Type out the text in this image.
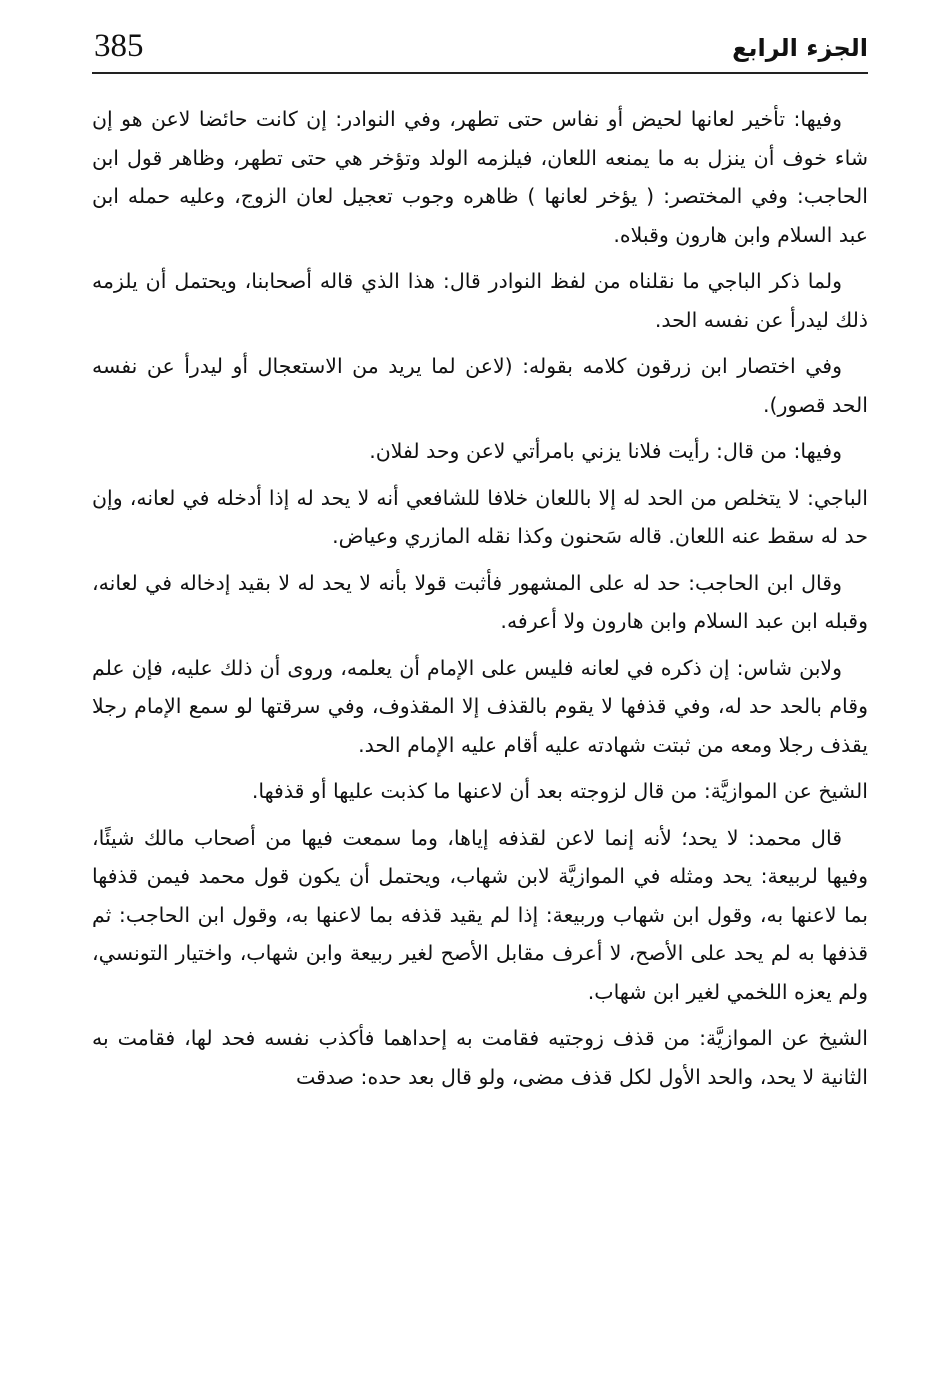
385	الجزء الرابع

وفيها: تأخير لعانها لحيض أو نفاس حتى تطهر، وفي النوادر: إن كانت حائضا لاعن هو إن شاء خوف أن ينزل به ما يمنعه اللعان، فيلزمه الولد وتؤخر هي حتى تطهر، وظاهر قول ابن الحاجب: وفي المختصر: ( يؤخر لعانها ) ظاهره وجوب تعجيل لعان الزوج، وعليه حمله ابن عبد السلام وابن هارون وقبلاه.

ولما ذكر الباجي ما نقلناه من لفظ النوادر قال: هذا الذي قاله أصحابنا، ويحتمل أن يلزمه ذلك ليدرأ عن نفسه الحد.

وفي اختصار ابن زرقون كلامه بقوله: (لاعن لما يريد من الاستعجال أو ليدرأ عن نفسه الحد قصور).

وفيها: من قال: رأيت فلانا يزني بامرأتي لاعن وحد لفلان.

الباجي: لا يتخلص من الحد له إلا باللعان خلافا للشافعي أنه لا يحد له إذا أدخله في لعانه، وإن حد له سقط عنه اللعان. قاله سَحنون وكذا نقله المازري وعياض.

وقال ابن الحاجب: حد له على المشهور فأثبت قولا بأنه لا يحد له لا بقيد إدخاله في لعانه، وقبله ابن عبد السلام وابن هارون ولا أعرفه.

ولابن شاس: إن ذكره في لعانه فليس على الإمام أن يعلمه، وروى أن ذلك عليه، فإن علم وقام بالحد حد له، وفي قذفها لا يقوم بالقذف إلا المقذوف، وفي سرقتها لو سمع الإمام رجلا يقذف رجلا ومعه من ثبتت شهادته عليه أقام عليه الإمام الحد.

الشيخ عن الموازيَّة: من قال لزوجته بعد أن لاعنها ما كذبت عليها أو قذفها.

قال محمد: لا يحد؛ لأنه إنما لاعن لقذفه إياها، وما سمعت فيها من أصحاب مالك شيئًا، وفيها لربيعة: يحد ومثله في الموازيَّة لابن شهاب، ويحتمل أن يكون قول محمد فيمن قذفها بما لاعنها به، وقول ابن شهاب وربيعة: إذا لم يقيد قذفه بما لاعنها به، وقول ابن الحاجب: ثم قذفها به لم يحد على الأصح، لا أعرف مقابل الأصح لغير ربيعة وابن شهاب، واختيار التونسي، ولم يعزه اللخمي لغير ابن شهاب.

الشيخ عن الموازيَّة: من قذف زوجتيه فقامت به إحداهما فأكذب نفسه فحد لها، فقامت به الثانية لا يحد، والحد الأول لكل قذف مضى، ولو قال بعد حده: صدقت
